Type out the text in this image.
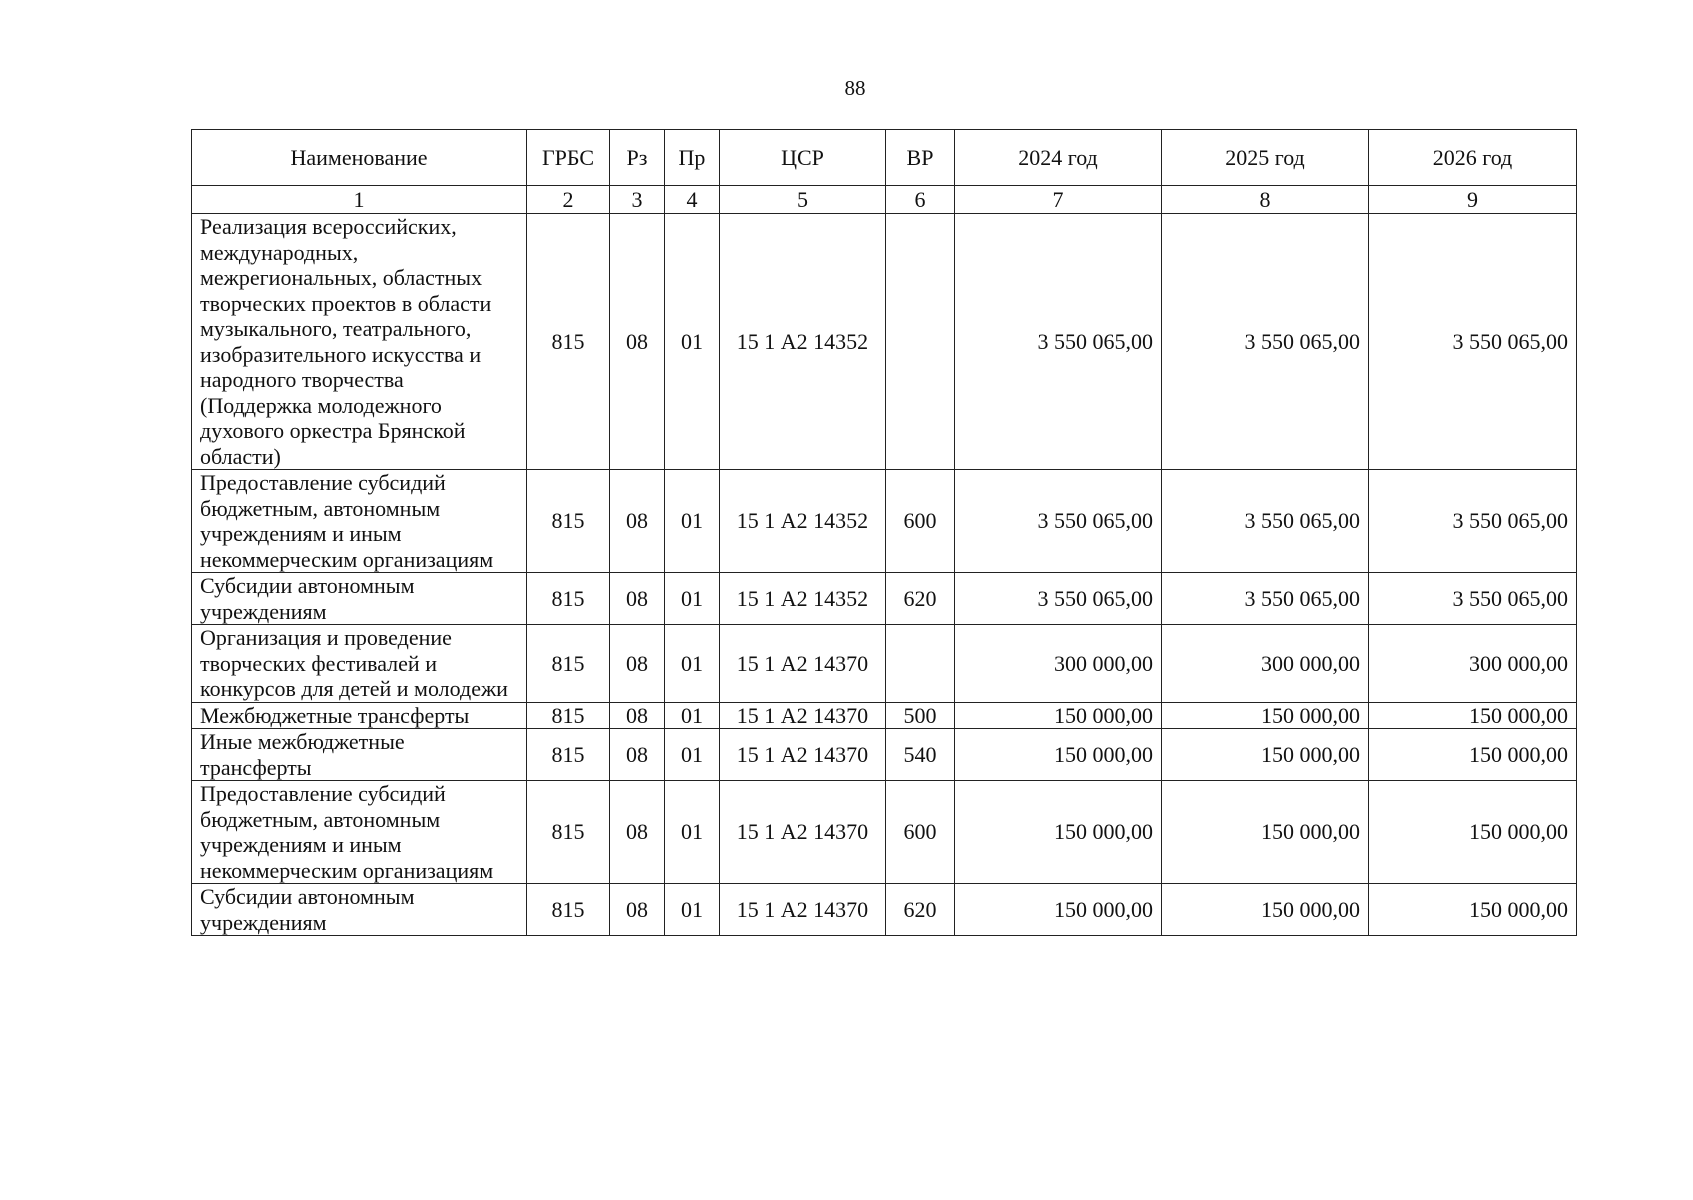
88
Наименование	ГРБС	Рз	Пр	ЦСР	ВР	2024 год	2025 год	2026 год
1	2	3	4	5	6	7	8	9
Реализация всероссийских, международных, межрегиональных, областных творческих проектов в области музыкального, театрального, изобразительного искусства и народного творчества (Поддержка молодежного духового оркестра Брянской области)	815	08	01	15 1 А2 14352		3 550 065,00	3 550 065,00	3 550 065,00
Предоставление субсидий бюджетным, автономным учреждениям и иным некоммерческим организациям	815	08	01	15 1 А2 14352	600	3 550 065,00	3 550 065,00	3 550 065,00
Субсидии автономным учреждениям	815	08	01	15 1 А2 14352	620	3 550 065,00	3 550 065,00	3 550 065,00
Организация и проведение творческих фестивалей и конкурсов для детей и молодежи	815	08	01	15 1 А2 14370		300 000,00	300 000,00	300 000,00
Межбюджетные трансферты	815	08	01	15 1 А2 14370	500	150 000,00	150 000,00	150 000,00
Иные межбюджетные трансферты	815	08	01	15 1 А2 14370	540	150 000,00	150 000,00	150 000,00
Предоставление субсидий бюджетным, автономным учреждениям и иным некоммерческим организациям	815	08	01	15 1 А2 14370	600	150 000,00	150 000,00	150 000,00
Субсидии автономным учреждениям	815	08	01	15 1 А2 14370	620	150 000,00	150 000,00	150 000,00
